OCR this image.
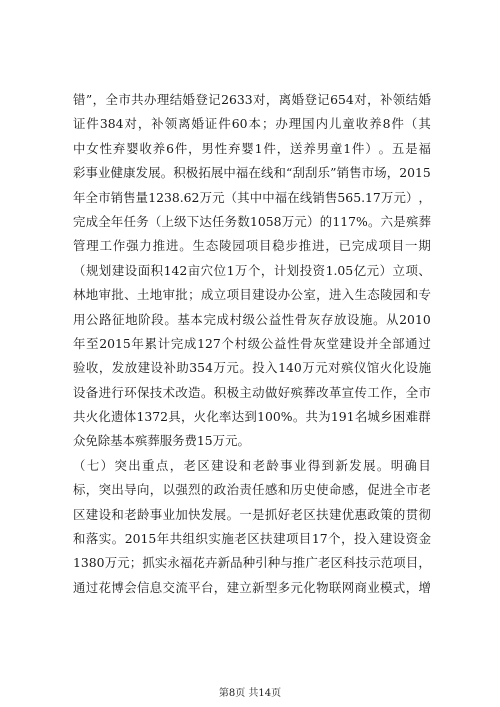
错 ” ， 全 市 共 办 理 结 婚 登 记 2633 对 ， 离 婚 登 记 654 对 ， 补 领 结 婚
证 件 384 对 ， 补 领 离 婚 证 件 60 本 ； 办 理 国 内 儿 童 收 养 8 件 （ 其
中 女 性 弃 婴 收 养 6 件 ， 男 性 弃 婴 1 件 ， 送 养 男 童 1 件 ） 。 五 是 福
彩 事 业 健 康 发 展 。 积 极 拓 展 中 福 在 线 和 “ 刮 刮 乐 ” 销 售 市 场 ， 2015
年 全 市 销 售 量 1238.62 万 元 （ 其 中 中 福 在 线 销 售 565.17 万 元 ） ，
完 成 全 年 任 务 （ 上 级 下 达 任 务 数 1058 万 元 ） 的 117% 。 六 是 殡 葬
管 理 工 作 强 力 推 进 。 生 态 陵 园 项 目 稳 步 推 进 ， 已 完 成 项 目 一 期
（ 规 划 建 设 面 积 142 亩 穴 位 1 万 个 ， 计 划 投 资 1.05 亿 元 ） 立 项 、
林 地 审 批 、 土 地 审 批 ； 成 立 项 目 建 设 办 公 室 ， 进 入 生 态 陵 园 和 专
用 公 路 征 地 阶 段 。 基 本 完 成 村 级 公 益 性 骨 灰 存 放 设 施 。 从 2010
年 至 2015 年 累 计 完 成 127 个 村 级 公 益 性 骨 灰 堂 建 设 并 全 部 通 过
验 收 ， 发 放 建 设 补 助 354 万 元 。 投 入 140 万 元 对 殡 仪 馆 火 化 设 施
设 备 进 行 环 保 技 术 改 造 。 积 极 主 动 做 好 殡 葬 改 革 宣 传 工 作 ， 全 市
共 火 化 遗 体 1372 具 ， 火 化 率 达 到 100% 。 共 为 191 名 城 乡 困 难 群
众免除基本殡葬服务费15万元。
（ 七 ） 突 出 重 点 ， 老 区 建 设 和 老 龄 事 业 得 到 新 发 展 。 明 确 目
标 ， 突 出 导 向 ， 以 强 烈 的 政 治 责 任 感 和 历 史 使 命 感 ， 促 进 全 市 老
区 建 设 和 老 龄 事 业 加 快 发 展 。 一 是 抓 好 老 区 扶 建 优 惠 政 策 的 贯 彻
和 落 实 。 2015 年 共 组 织 实 施 老 区 扶 建 项 目 17 个 ， 投 入 建 设 资 金
1380 万 元 ； 抓 实 永 福 花 卉 新 品 种 引 种 与 推 广 老 区 科 技 示 范 项 目 ，
通 过 花 博 会 信 息 交 流 平 台 ， 建 立 新 型 多 元 化 物 联 网 商 业 模 式 ， 增
第8页 共14页
